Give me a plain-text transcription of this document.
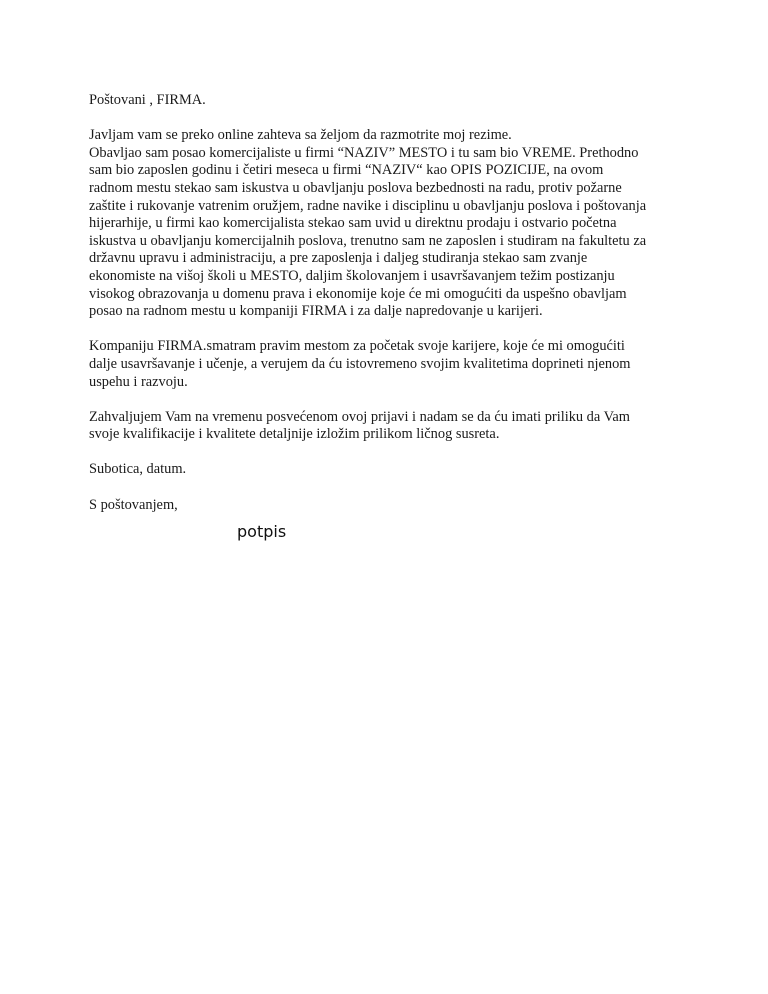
Poštovani , FIRMA.

Javljam vam se preko online zahteva sa željom da razmotrite moj rezime.
Obavljao sam posao komercijaliste u firmi “NAZIV” MESTO i tu sam bio VREME. Prethodno
sam bio zaposlen godinu i četiri meseca u firmi “NAZIV“ kao OPIS POZICIJE, na ovom
radnom mestu stekao sam iskustva u obavljanju poslova bezbednosti na radu, protiv požarne
zaštite i rukovanje vatrenim oružjem, radne navike i disciplinu u obavljanju poslova i poštovanja
hijerarhije, u firmi kao komercijalista stekao sam uvid u direktnu prodaju i ostvario početna
iskustva u obavljanju komercijalnih poslova, trenutno sam ne zaposlen i studiram na fakultetu za
državnu upravu i administraciju, a pre zaposlenja i daljeg studiranja stekao sam zvanje
ekonomiste na višoj školi u MESTO, daljim školovanjem i usavršavanjem težim postizanju
visokog obrazovanja u domenu prava i ekonomije koje će mi omogućiti da uspešno obavljam
posao na radnom mestu u kompaniji FIRMA i za dalje napredovanje u karijeri.

Kompaniju FIRMA.smatram pravim mestom za početak svoje karijere, koje će mi omogućiti
dalje usavršavanje i učenje, a verujem da ću istovremeno svojim kvalitetima doprineti njenom
uspehu i razvoju.

Zahvaljujem Vam na vremenu posvećenom ovoj prijavi i nadam se da ću imati priliku da Vam
svoje kvalifikacije i kvalitete detaljnije izložim prilikom ličnog susreta.

Subotica, datum.

S poštovanjem,

potpis
